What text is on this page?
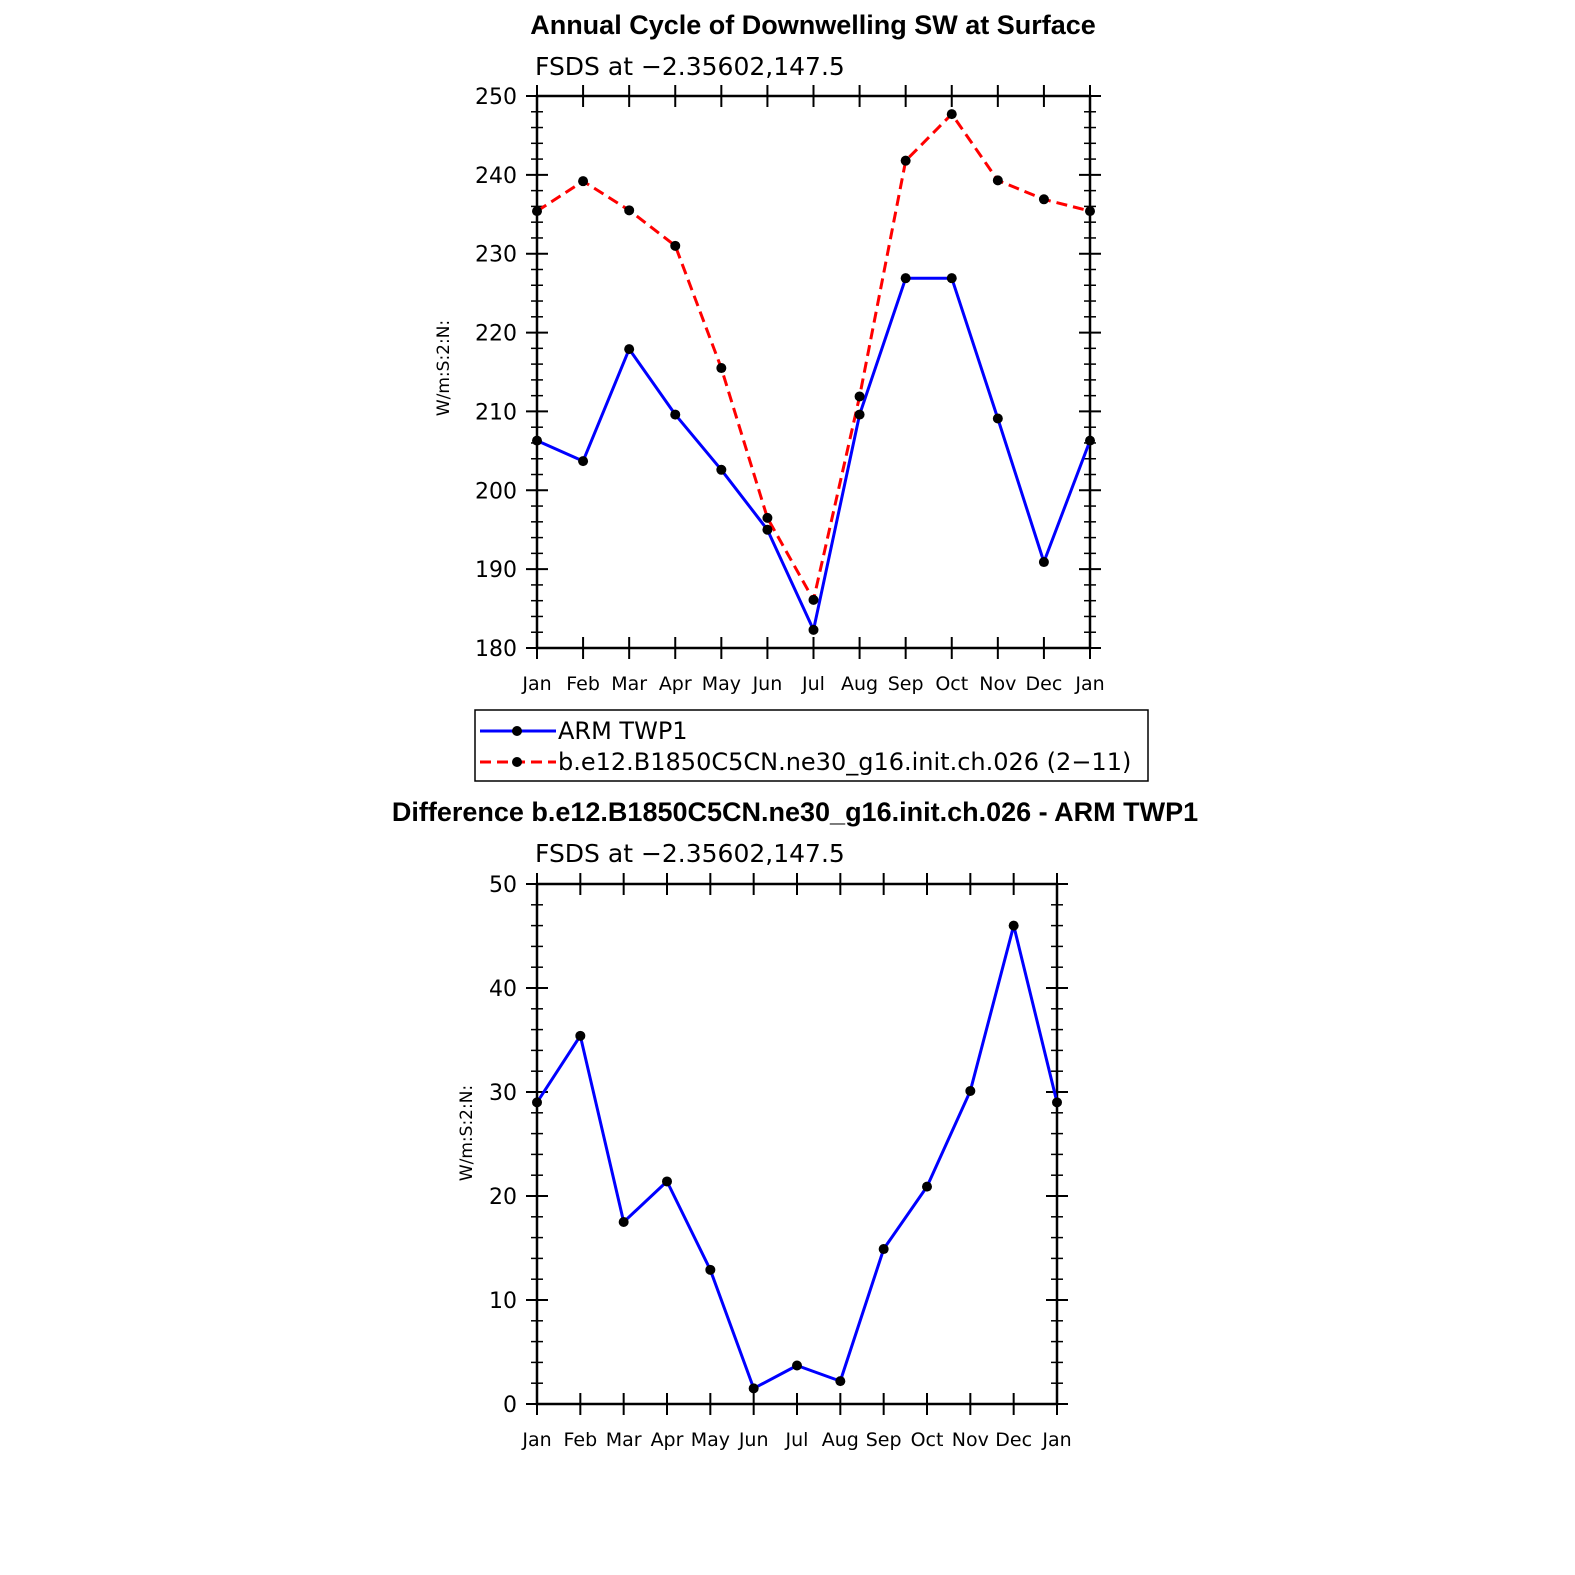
Annual Cycle of Downwelling SW at Surface
FSDS at −2.35602,147.5
W/m:S:2:N:
180
190
200
210
220
230
240
250
Jan Feb Mar Apr May Jun Jul Aug Sep Oct Nov Dec Jan
ARM TWP1
b.e12.B1850C5CN.ne30_g16.init.ch.026 (2−11)
Difference b.e12.B1850C5CN.ne30_g16.init.ch.026 - ARM TWP1
FSDS at −2.35602,147.5
W/m:S:2:N:
0
10
20
30
40
50
Jan Feb Mar Apr May Jun Jul Aug Sep Oct Nov Dec Jan
